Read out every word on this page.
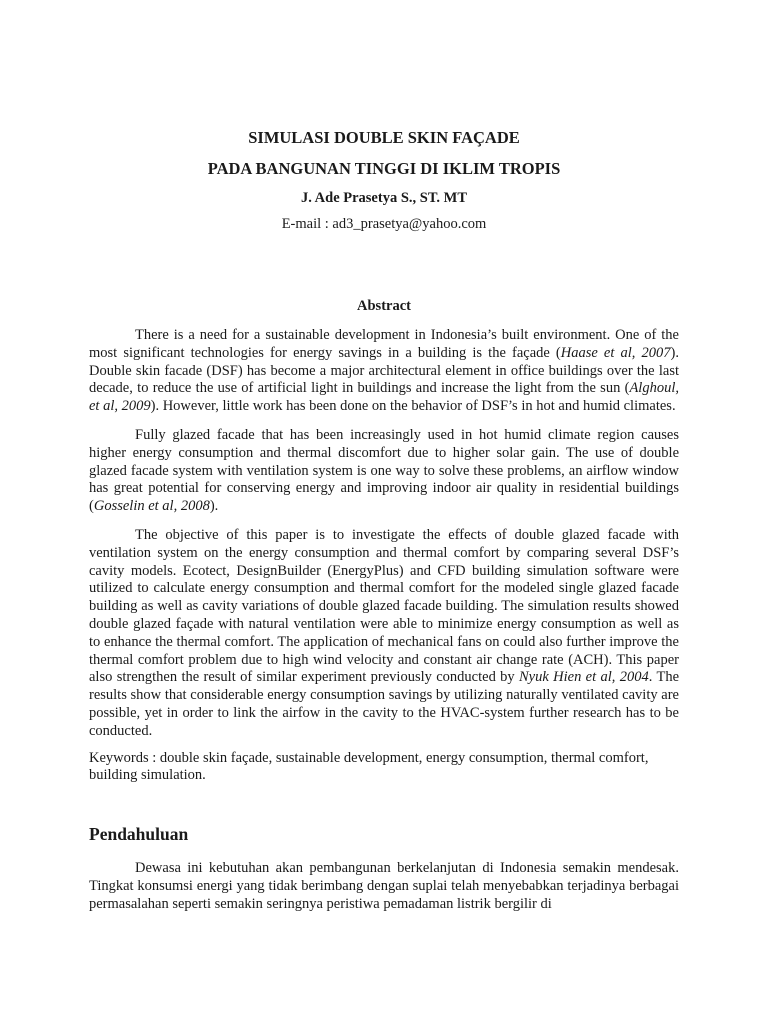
SIMULASI DOUBLE SKIN FAÇADE

PADA BANGUNAN TINGGI DI IKLIM TROPIS

J. Ade Prasetya S., ST. MT

E-mail : ad3_prasetya@yahoo.com

Abstract

There is a need for a sustainable development in Indonesia’s built environment. One of the most significant technologies for energy savings in a building is the façade (Haase et al, 2007). Double skin facade (DSF) has become a major architectural element in office buildings over the last decade, to reduce the use of artificial light in buildings and increase the light from the sun (Alghoul, et al, 2009). However, little work has been done on the behavior of DSF’s in hot and humid climates.

Fully glazed facade that has been increasingly used in hot humid climate region causes higher energy consumption and thermal discomfort due to higher solar gain. The use of double glazed facade system with ventilation system is one way to solve these problems, an airflow window has great potential for conserving energy and improving indoor air quality in residential buildings (Gosselin et al, 2008).

The objective of this paper is to investigate the effects of double glazed facade with ventilation system on the energy consumption and thermal comfort by comparing several DSF’s cavity models. Ecotect, DesignBuilder (EnergyPlus) and CFD building simulation software were utilized to calculate energy consumption and thermal comfort for the modeled single glazed facade building as well as cavity variations of double glazed facade building. The simulation results showed double glazed façade with natural ventilation were able to minimize energy consumption as well as to enhance the thermal comfort. The application of mechanical fans on could also further improve the thermal comfort problem due to high wind velocity and constant air change rate (ACH). This paper also strengthen the result of similar experiment previously conducted by Nyuk Hien et al, 2004. The results show that considerable energy consumption savings by utilizing naturally ventilated cavity are possible, yet in order to link the airfow in the cavity to the HVAC-system further research has to be conducted.

Keywords : double skin façade, sustainable development, energy consumption, thermal comfort, building simulation.

Pendahuluan

Dewasa ini kebutuhan akan pembangunan berkelanjutan di Indonesia semakin mendesak. Tingkat konsumsi energi yang tidak berimbang dengan suplai telah menyebabkan terjadinya berbagai permasalahan seperti semakin seringnya peristiwa pemadaman listrik bergilir di
